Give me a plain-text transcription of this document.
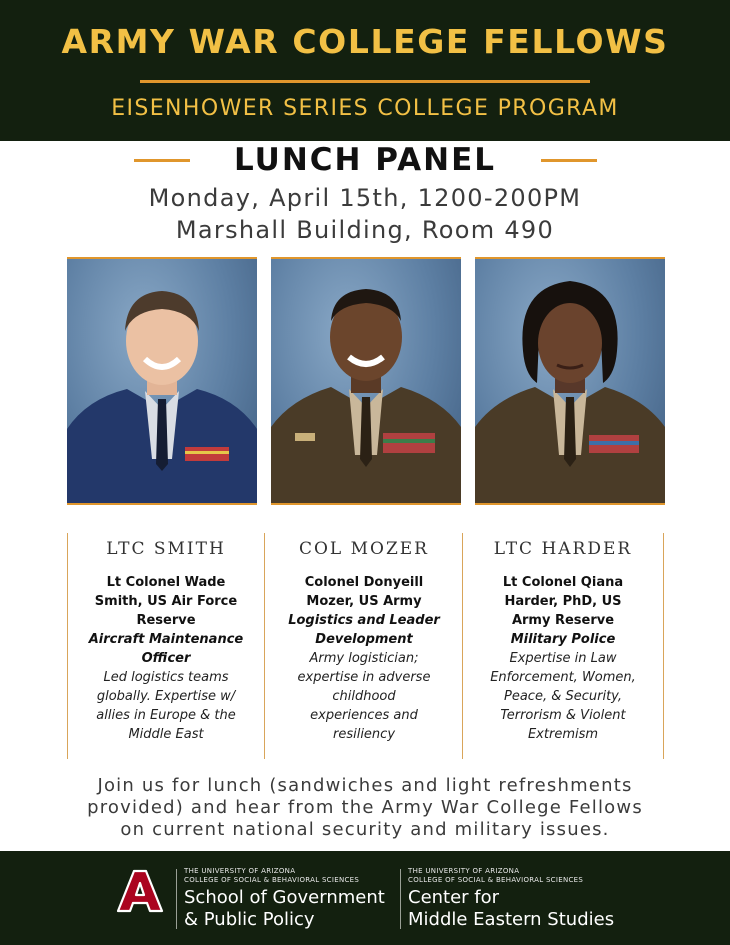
ARMY WAR COLLEGE FELLOWS
EISENHOWER SERIES COLLEGE PROGRAM
LUNCH PANEL
Monday, April 15th, 1200-200PM
Marshall Building, Room 490
LTC SMITH
Lt Colonel Wade
Smith, US Air Force
Reserve
Aircraft Maintenance
Officer
Led logistics teams
globally. Expertise w/
allies in Europe & the
Middle East
COL MOZER
Colonel Donyeill
Mozer, US Army
Logistics and Leader
Development
Army logistician;
expertise in adverse
childhood
experiences and
resiliency
LTC HARDER
Lt Colonel Qiana
Harder, PhD, US
Army Reserve
Military Police
Expertise in Law
Enforcement, Women,
Peace, & Security,
Terrorism & Violent
Extremism
Join us for lunch (sandwiches and light refreshments
provided) and hear from the Army War College Fellows
on current national security and military issues.
THE UNIVERSITY OF ARIZONA
COLLEGE OF SOCIAL & BEHAVIORAL SCIENCES
School of Government
& Public Policy
THE UNIVERSITY OF ARIZONA
COLLEGE OF SOCIAL & BEHAVIORAL SCIENCES
Center for
Middle Eastern Studies
